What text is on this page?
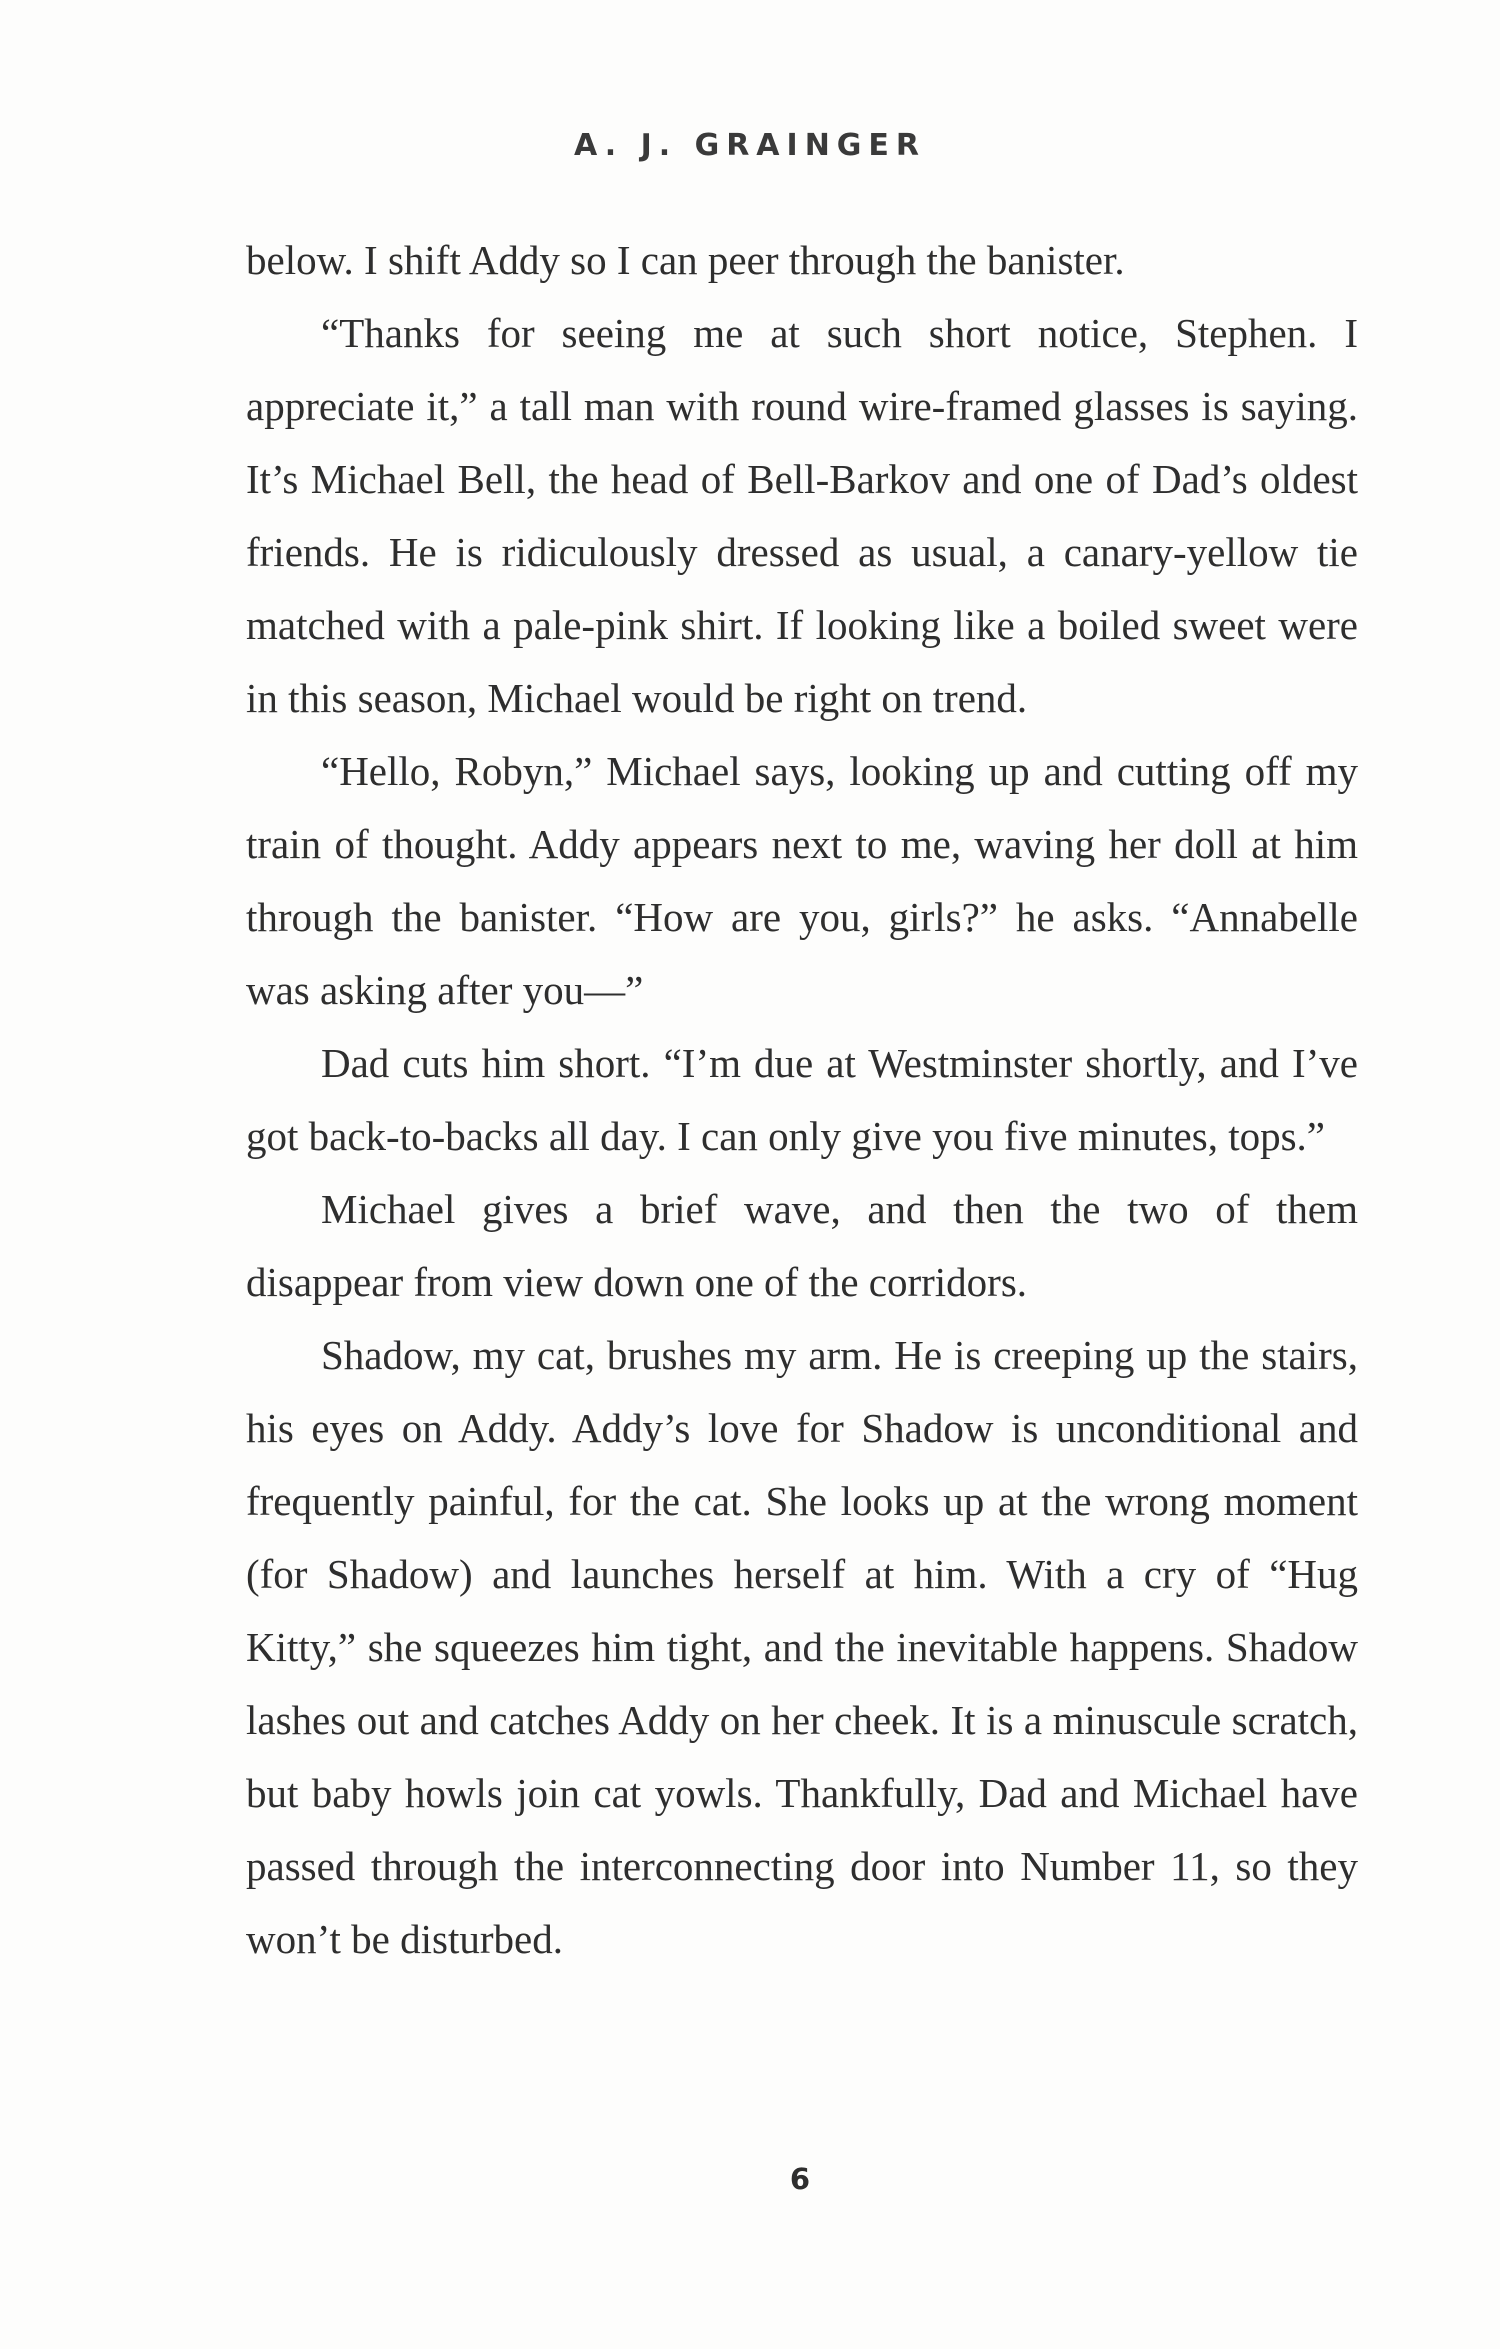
A. J. GRAINGER

below. I shift Addy so I can peer through the banister.

“Thanks for seeing me at such short notice, Stephen. I appreciate it,” a tall man with round wire-framed glasses is saying. It’s Michael Bell, the head of Bell-Barkov and one of Dad’s oldest friends. He is ridiculously dressed as usual, a canary-yellow tie matched with a pale-pink shirt. If looking like a boiled sweet were in this season, Michael would be right on trend.

“Hello, Robyn,” Michael says, looking up and cutting off my train of thought. Addy appears next to me, waving her doll at him through the banister. “How are you, girls?” he asks. “Annabelle was asking after you—”

Dad cuts him short. “I’m due at Westminster shortly, and I’ve got back-to-backs all day. I can only give you five minutes, tops.”

Michael gives a brief wave, and then the two of them disappear from view down one of the corridors.

Shadow, my cat, brushes my arm. He is creeping up the stairs, his eyes on Addy. Addy’s love for Shadow is unconditional and frequently painful, for the cat. She looks up at the wrong moment (for Shadow) and launches herself at him. With a cry of “Hug Kitty,” she squeezes him tight, and the inevitable happens. Shadow lashes out and catches Addy on her cheek. It is a minuscule scratch, but baby howls join cat yowls. Thankfully, Dad and Michael have passed through the interconnecting door into Number 11, so they won’t be disturbed.

6
